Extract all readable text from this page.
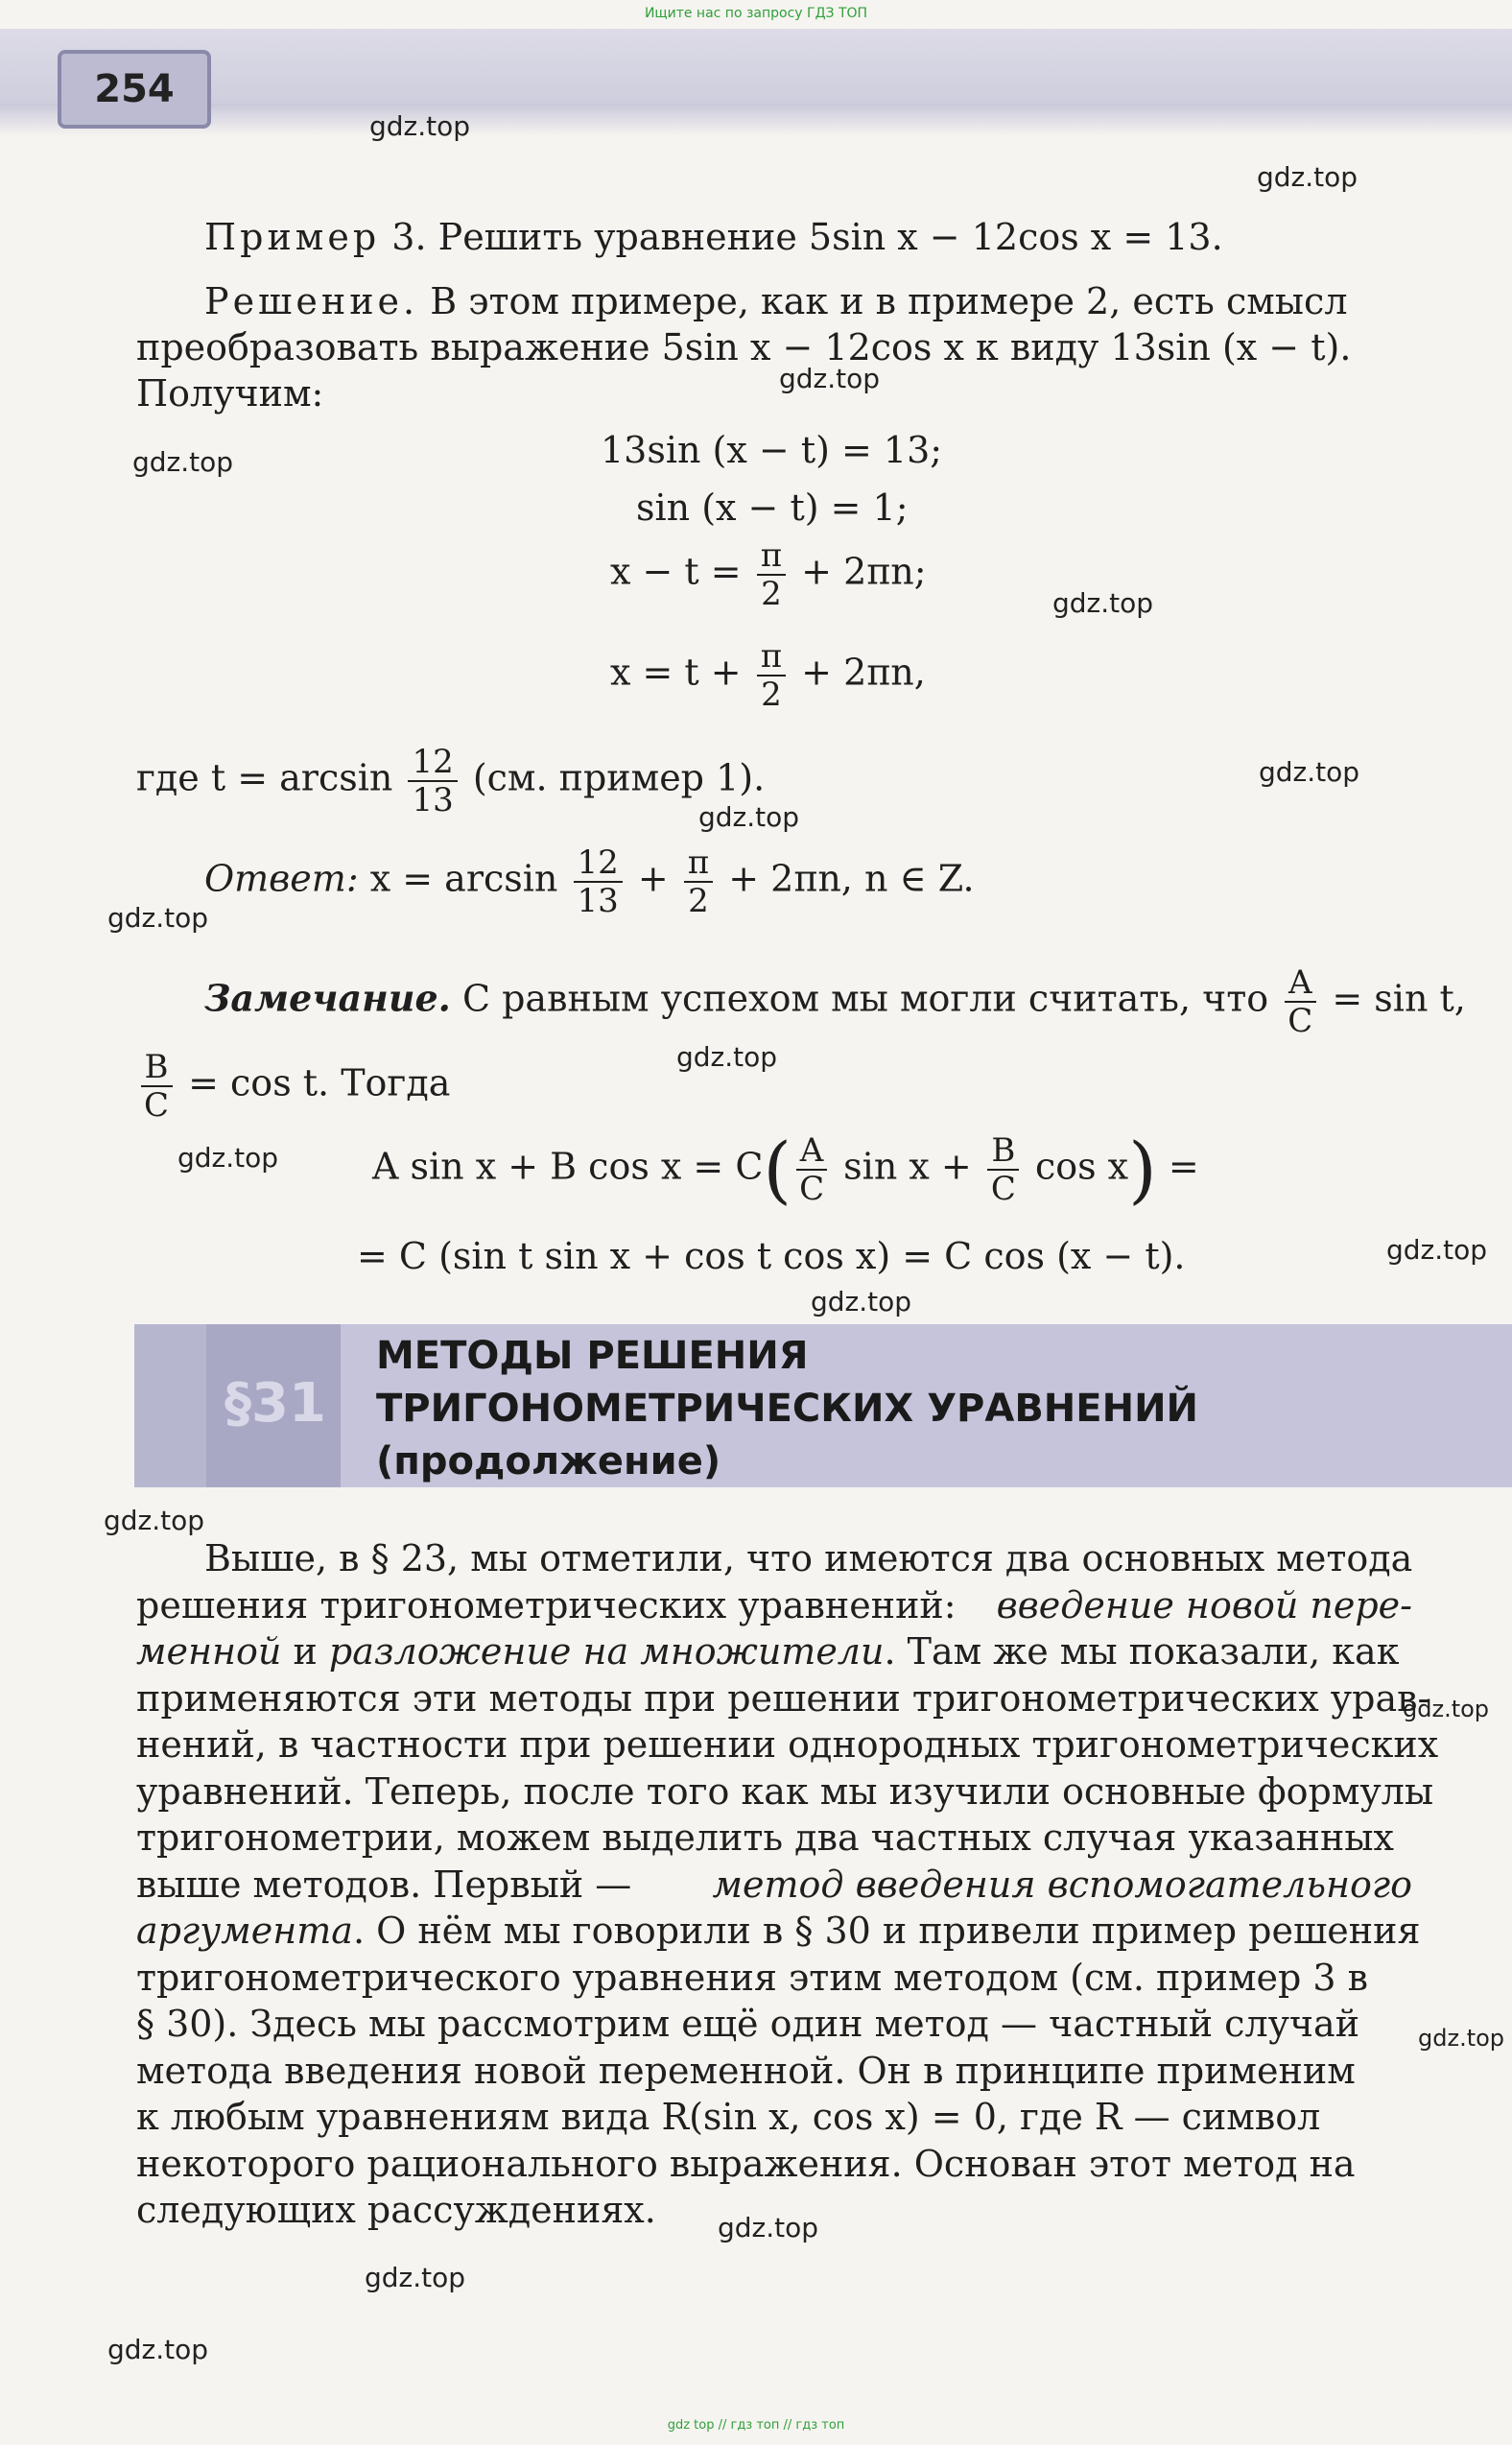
Ищите нас по запросу ГДЗ ТОП
254
gdz.top
gdz.top
gdz.top
gdz.top
gdz.top
gdz.top
gdz.top
gdz.top
gdz.top
gdz.top
gdz.top
gdz.top
gdz.top
gdz.top
gdz.top
gdz.top
gdz.top
gdz.top
Пример 3. Решить уравнение 5sin x − 12cos x = 13.
Решение. В этом примере, как и в примере 2, есть смысл
преобразовать выражение 5sin x − 12cos x к виду 13sin (x − t).
Получим:
13sin (x − t) = 13;
sin (x − t) = 1;
$x - t = \frac{\pi}{2} + 2\pi n$;
$x = t + \frac{\pi}{2} + 2\pi n$,
где $t = \arcsin \frac{12}{13} (см$. пример 1).
Ответ: $x = \arcsin \frac{12}{13} + \frac{\pi}{2} + 2\pi n$, n ∈ Z.
Замечание. С равным успехом мы могли считать, что $\frac{A}{C} = \sin t$,
$\frac{B}{C} = \cos t$. Тогда
A sin x + B $\cos x = C( \frac{A}{C}$ $\sin x + \frac{B}{C}$ cos x) =
= C (sin t sin x + cos t cos x) = C cos (x − t).
§31
МЕТОДЫ РЕШЕНИЯ
ТРИГОНОМЕТРИЧЕСКИХ УРАВНЕНИЙ
(продолжение)
Выше, в § 23, мы отметили, что имеются два основных метода
решения тригонометрических уравнений: введение новой пере-
менной и разложение на множители. Там же мы показали, как
применяются эти методы при решении тригонометрических урав-
нений, в частности при решении однородных тригонометрических
уравнений. Теперь, после того как мы изучили основные формулы
тригонометрии, можем выделить два частных случая указанных
выше методов. Первый — метод введения вспомогательного
аргумента. О нём мы говорили в § 30 и привели пример решения
тригонометрического уравнения этим методом (см. пример 3 в
§ 30). Здесь мы рассмотрим ещё один метод — частный случай
метода введения новой переменной. Он в принципе применим
к любым уравнениям вида R(sin x, cos x) = 0, где R — символ
некоторого рационального выражения. Основан этот метод на
следующих рассуждениях.
gdz top // гдз топ // гдз топ
